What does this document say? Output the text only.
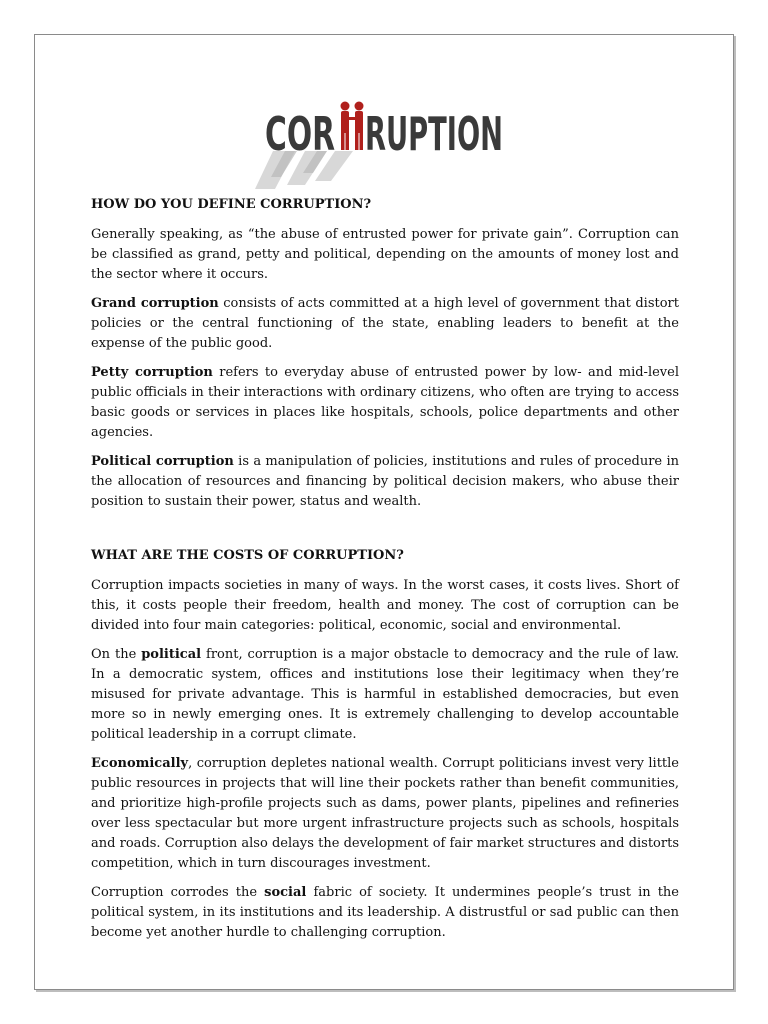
COR RUPTION
HOW DO YOU DEFINE CORRUPTION?

Generally speaking, as “the abuse of entrusted power for private gain”. Corruption can be classified as grand, petty and political, depending on the amounts of money lost and the sector where it occurs.

Grand corruption consists of acts committed at a high level of government that distort policies or the central functioning of the state, enabling leaders to benefit at the expense of the public good.

Petty corruption refers to everyday abuse of entrusted power by low- and mid-level public officials in their interactions with ordinary citizens, who often are trying to access basic goods or services in places like hospitals, schools, police departments and other agencies.

Political corruption is a manipulation of policies, institutions and rules of procedure in the allocation of resources and financing by political decision makers, who abuse their position to sustain their power, status and wealth.

WHAT ARE THE COSTS OF CORRUPTION?

Corruption impacts societies in many of ways. In the worst cases, it costs lives. Short of this, it costs people their freedom, health and money. The cost of corruption can be divided into four main categories: political, economic, social and environmental.

On the political front, corruption is a major obstacle to democracy and the rule of law. In a democratic system, offices and institutions lose their legitimacy when they’re misused for private advantage. This is harmful in established democracies, but even more so in newly emerging ones. It is extremely challenging to develop accountable political leadership in a corrupt climate.

Economically, corruption depletes national wealth. Corrupt politicians invest very little public resources in projects that will line their pockets rather than benefit communities, and prioritize high-profile projects such as dams, power plants, pipelines and refineries over less spectacular but more urgent infrastructure projects such as schools, hospitals and roads. Corruption also delays the development of fair market structures and distorts competition, which in turn discourages investment.

Corruption corrodes the social fabric of society. It undermines people’s trust in the political system, in its institutions and its leadership. A distrustful or sad public can then become yet another hurdle to challenging corruption.
